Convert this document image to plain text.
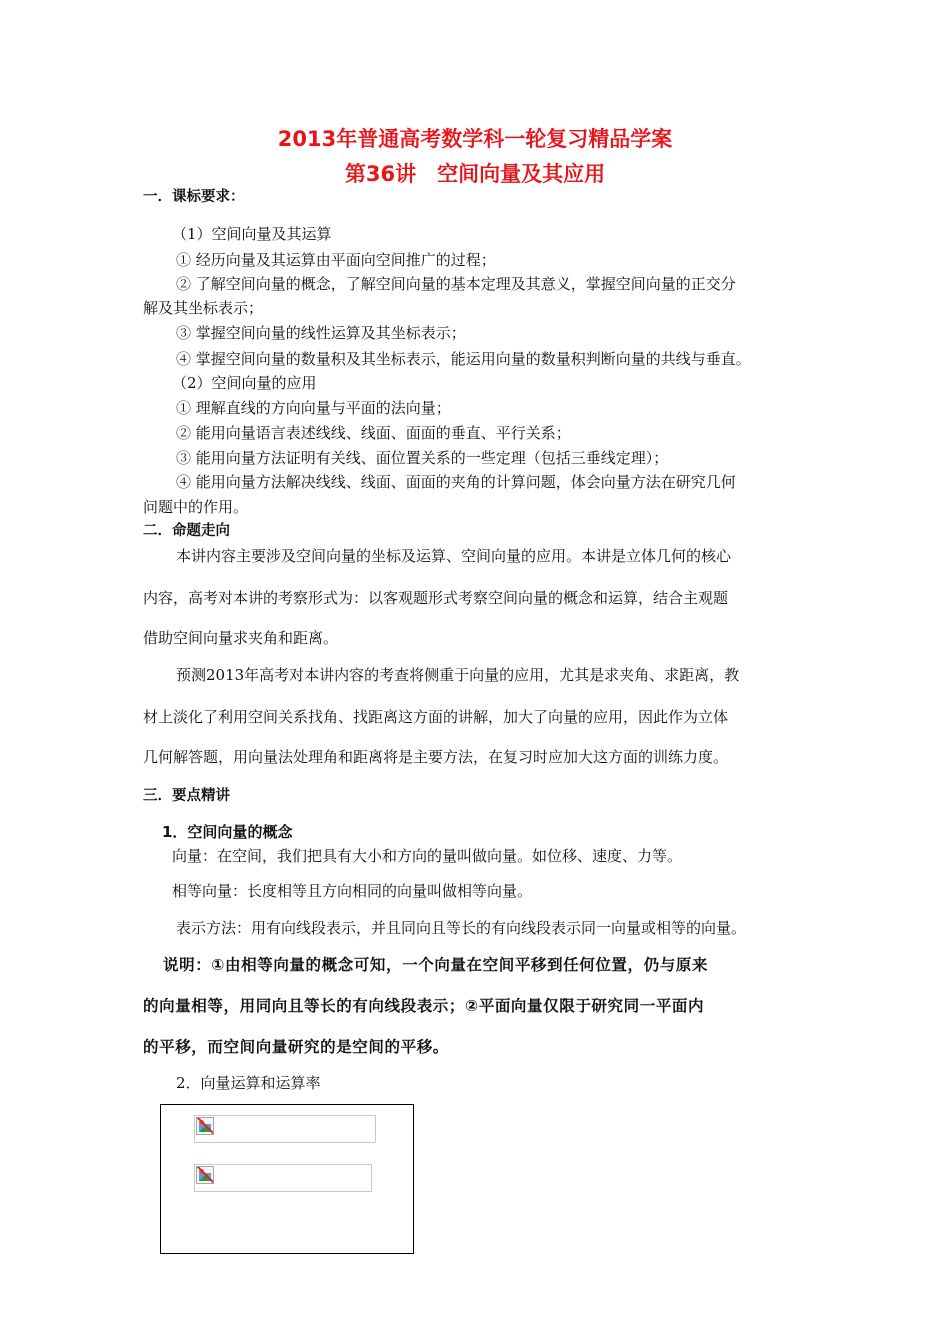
2013年普通高考数学科一轮复习精品学案
第36讲　空间向量及其应用
一．课标要求：
（1）空间向量及其运算
① 经历向量及其运算由平面向空间推广的过程；
② 了解空间向量的概念，了解空间向量的基本定理及其意义，掌握空间向量的正交分
解及其坐标表示；
③ 掌握空间向量的线性运算及其坐标表示；
④ 掌握空间向量的数量积及其坐标表示，能运用向量的数量积判断向量的共线与垂直。
（2）空间向量的应用
① 理解直线的方向向量与平面的法向量；
② 能用向量语言表述线线、线面、面面的垂直、平行关系；
③ 能用向量方法证明有关线、面位置关系的一些定理（包括三垂线定理）；
④ 能用向量方法解决线线、线面、面面的夹角的计算问题，体会向量方法在研究几何
问题中的作用。
二．命题走向
本讲内容主要涉及空间向量的坐标及运算、空间向量的应用。本讲是立体几何的核心
内容，高考对本讲的考察形式为：以客观题形式考察空间向量的概念和运算，结合主观题
借助空间向量求夹角和距离。
预测2013年高考对本讲内容的考查将侧重于向量的应用，尤其是求夹角、求距离，教
材上淡化了利用空间关系找角、找距离这方面的讲解，加大了向量的应用，因此作为立体
几何解答题，用向量法处理角和距离将是主要方法，在复习时应加大这方面的训练力度。
三．要点精讲
1．空间向量的概念
向量：在空间，我们把具有大小和方向的量叫做向量。如位移、速度、力等。
相等向量：长度相等且方向相同的向量叫做相等向量。
表示方法：用有向线段表示，并且同向且等长的有向线段表示同一向量或相等的向量。
说明：①由相等向量的概念可知，一个向量在空间平移到任何位置，仍与原来
的向量相等，用同向且等长的有向线段表示；②平面向量仅限于研究同一平面内
的平移，而空间向量研究的是空间的平移。
2．向量运算和运算率
